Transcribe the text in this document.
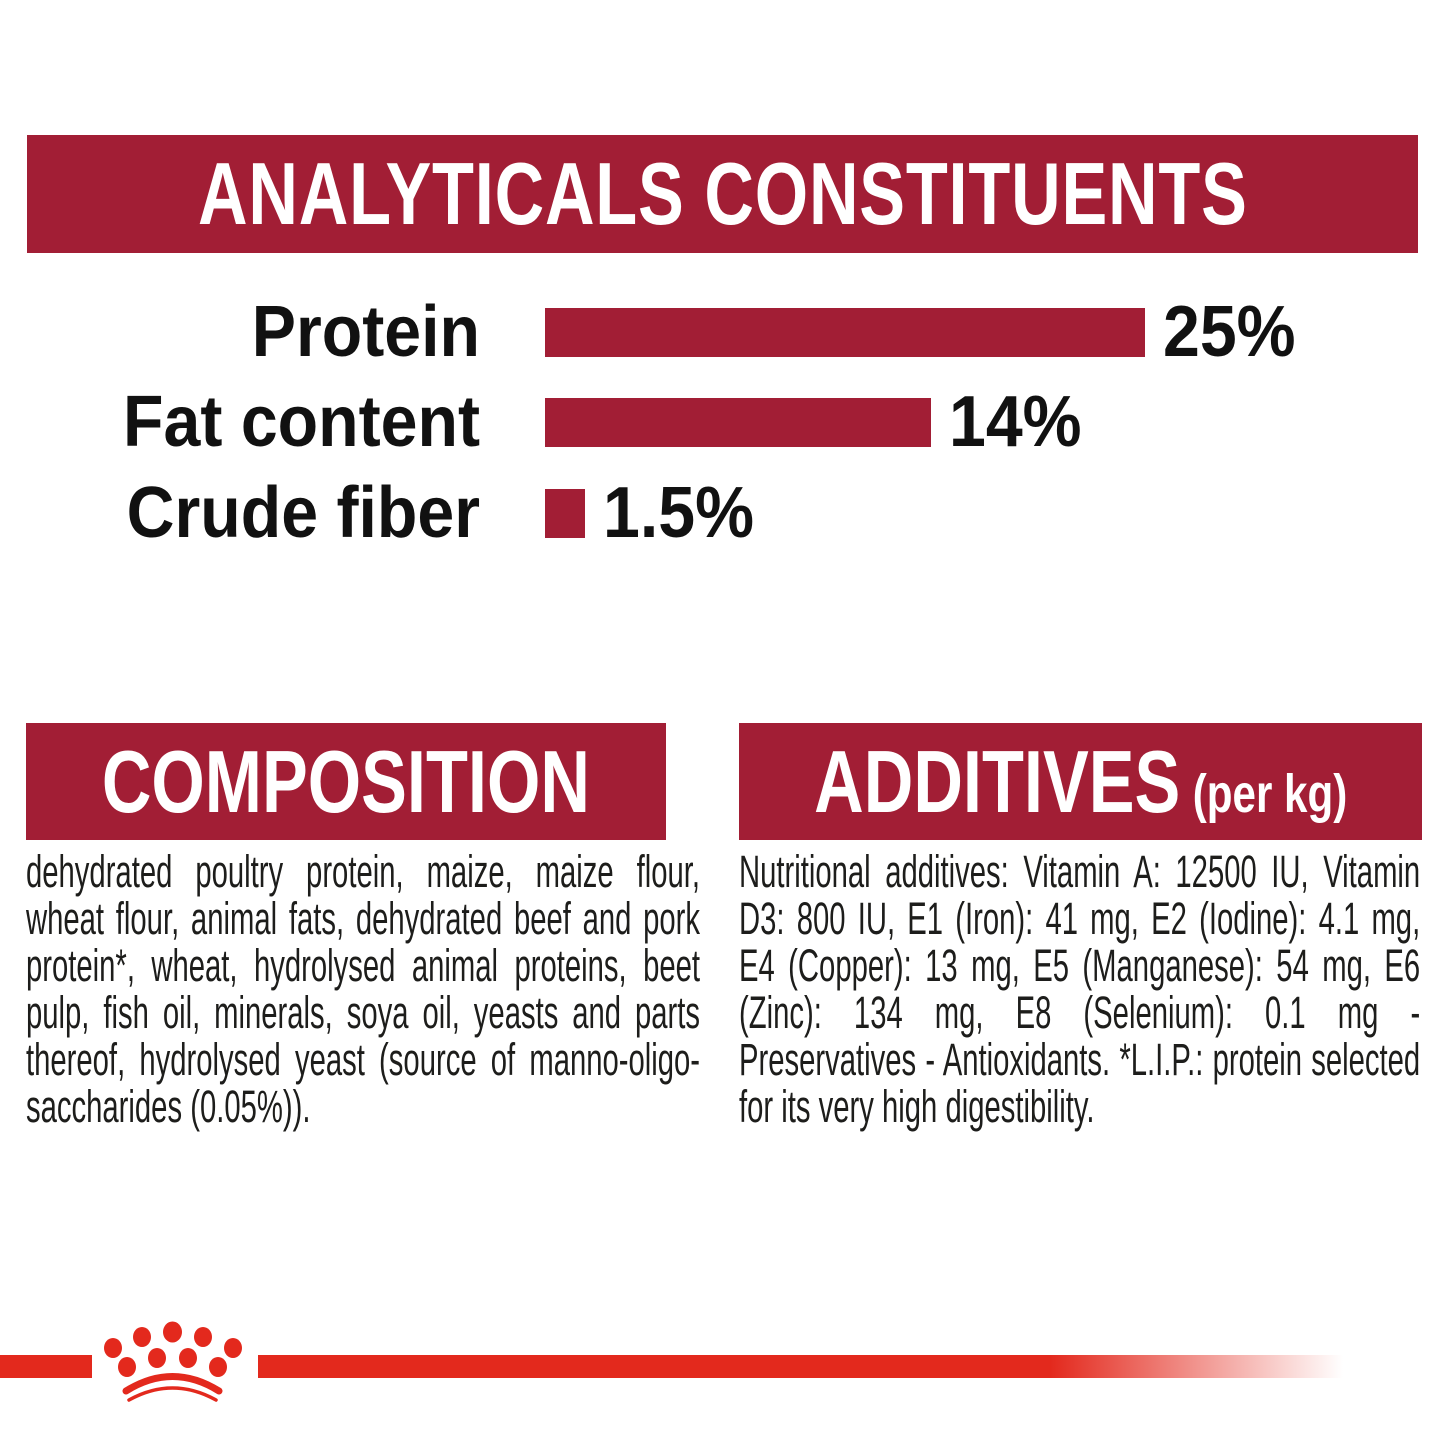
ANALYTICALS CONSTITUENTS
Protein	25%
Fat content	14%
Crude fiber 1.5%
COMPOSITION
dehydrated poultry protein, maize, maize flour, wheat flour, animal fats, dehydrated beef and pork protein*, wheat, hydrolysed animal proteins, beet pulp, fish oil, minerals, soya oil, yeasts and parts thereof, hydrolysed yeast (source of manno-oligo-saccharides (0.05%)).
ADDITIVES (per kg)
Nutritional additives: Vitamin A: 12500 IU, Vitamin D3: 800 IU, E1 (Iron): 41 mg, E2 (Iodine): 4.1 mg, E4 (Copper): 13 mg, E5 (Manganese): 54 mg, E6 (Zinc): 134 mg, E8 (Selenium): 0.1 mg - Preservatives - Antioxidants. *L.I.P.: protein selected for its very high digestibility.
